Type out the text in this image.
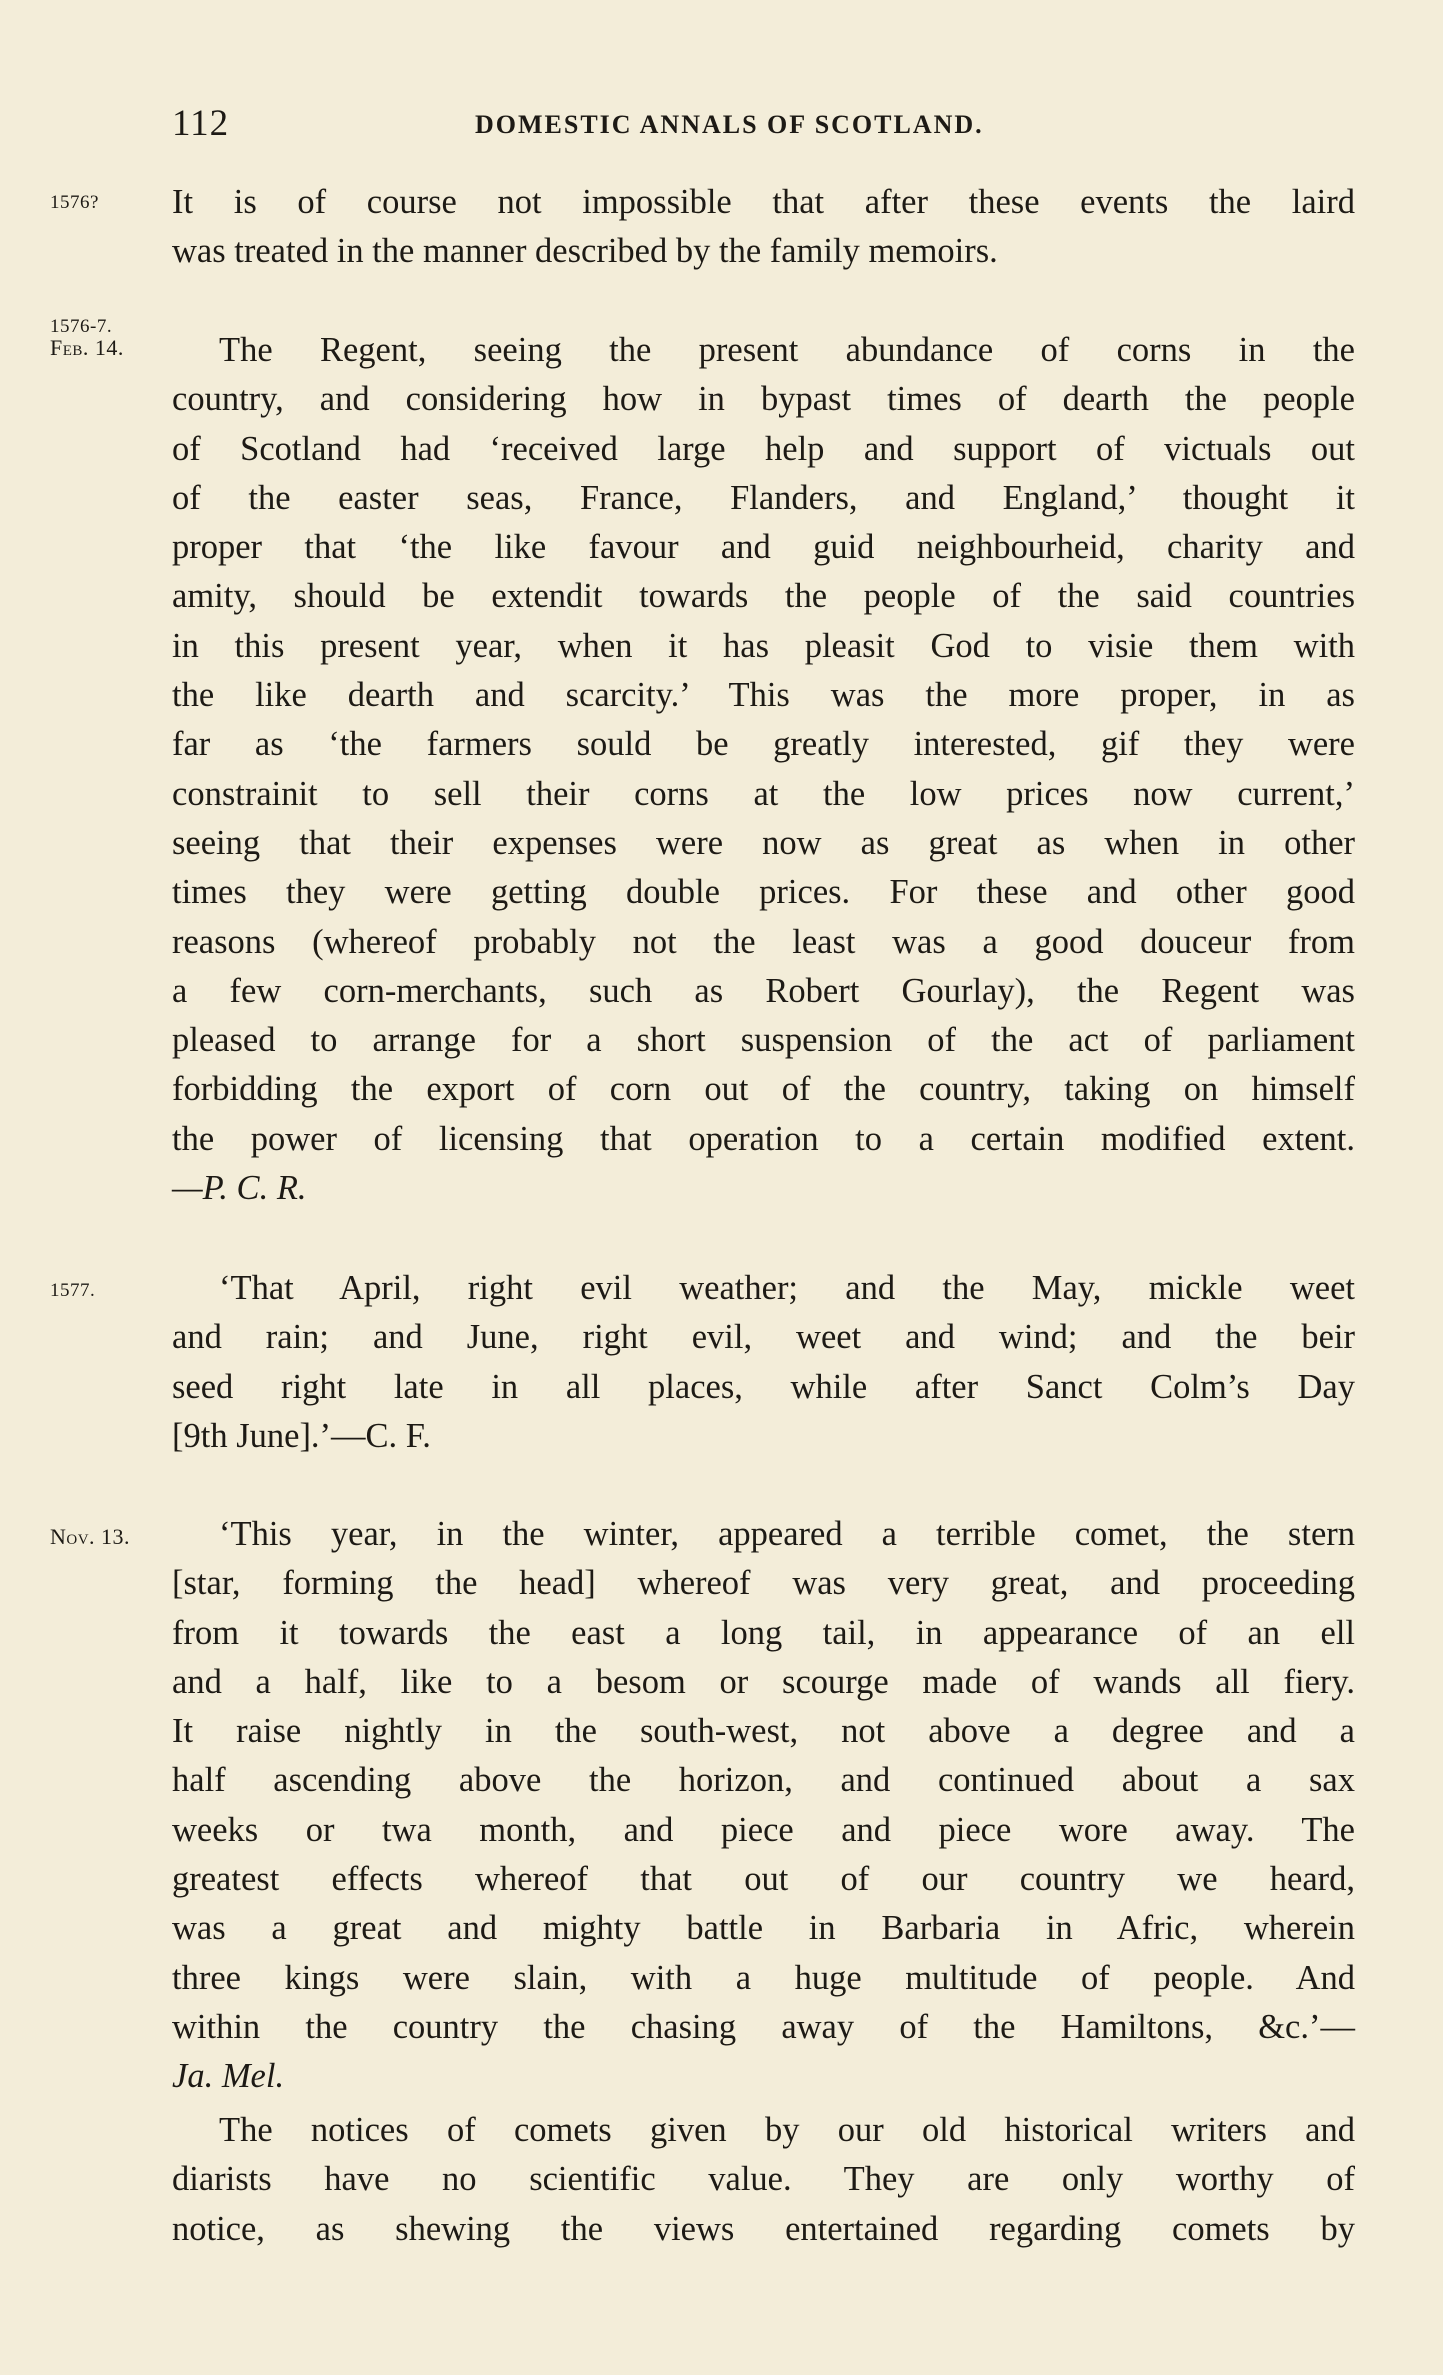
112	DOMESTIC ANNALS OF SCOTLAND.
1576?	It is of course not impossible that after these events the laird
was treated in the manner described by the family memoirs.

1576-7.
Feb. 14.	The Regent, seeing the present abundance of corns in the
country, and considering how in bypast times of dearth the people
of Scotland had ‘received large help and support of victuals out
of the easter seas, France, Flanders, and England,’ thought it
proper that ‘the like favour and guid neighbourheid, charity and
amity, should be extendit towards the people of the said countries
in this present year, when it has pleasit God to visie them with
the like dearth and scarcity.’ This was the more proper, in as
far as ‘the farmers sould be greatly interested, gif they were
constrainit to sell their corns at the low prices now current,’
seeing that their expenses were now as great as when in other
times they were getting double prices. For these and other good
reasons (whereof probably not the least was a good douceur from
a few corn-merchants, such as Robert Gourlay), the Regent was
pleased to arrange for a short suspension of the act of parliament
forbidding the export of corn out of the country, taking on himself
the power of licensing that operation to a certain modified extent.
—P. C. R.

1577.	‘That April, right evil weather; and the May, mickle weet
and rain; and June, right evil, weet and wind; and the beir
seed right late in all places, while after Sanct Colm’s Day
[9th June].’—C. F.

Nov. 13.	‘This year, in the winter, appeared a terrible comet, the stern
[star, forming the head] whereof was very great, and proceeding
from it towards the east a long tail, in appearance of an ell
and a half, like to a besom or scourge made of wands all fiery.
It raise nightly in the south-west, not above a degree and a
half ascending above the horizon, and continued about a sax
weeks or twa month, and piece and piece wore away. The
greatest effects whereof that out of our country we heard,
was a great and mighty battle in Barbaria in Afric, wherein
three kings were slain, with a huge multitude of people. And
within the country the chasing away of the Hamiltons, &c.’—
Ja. Mel.

The notices of comets given by our old historical writers and
diarists have no scientific value. They are only worthy of
notice, as shewing the views entertained regarding comets by
